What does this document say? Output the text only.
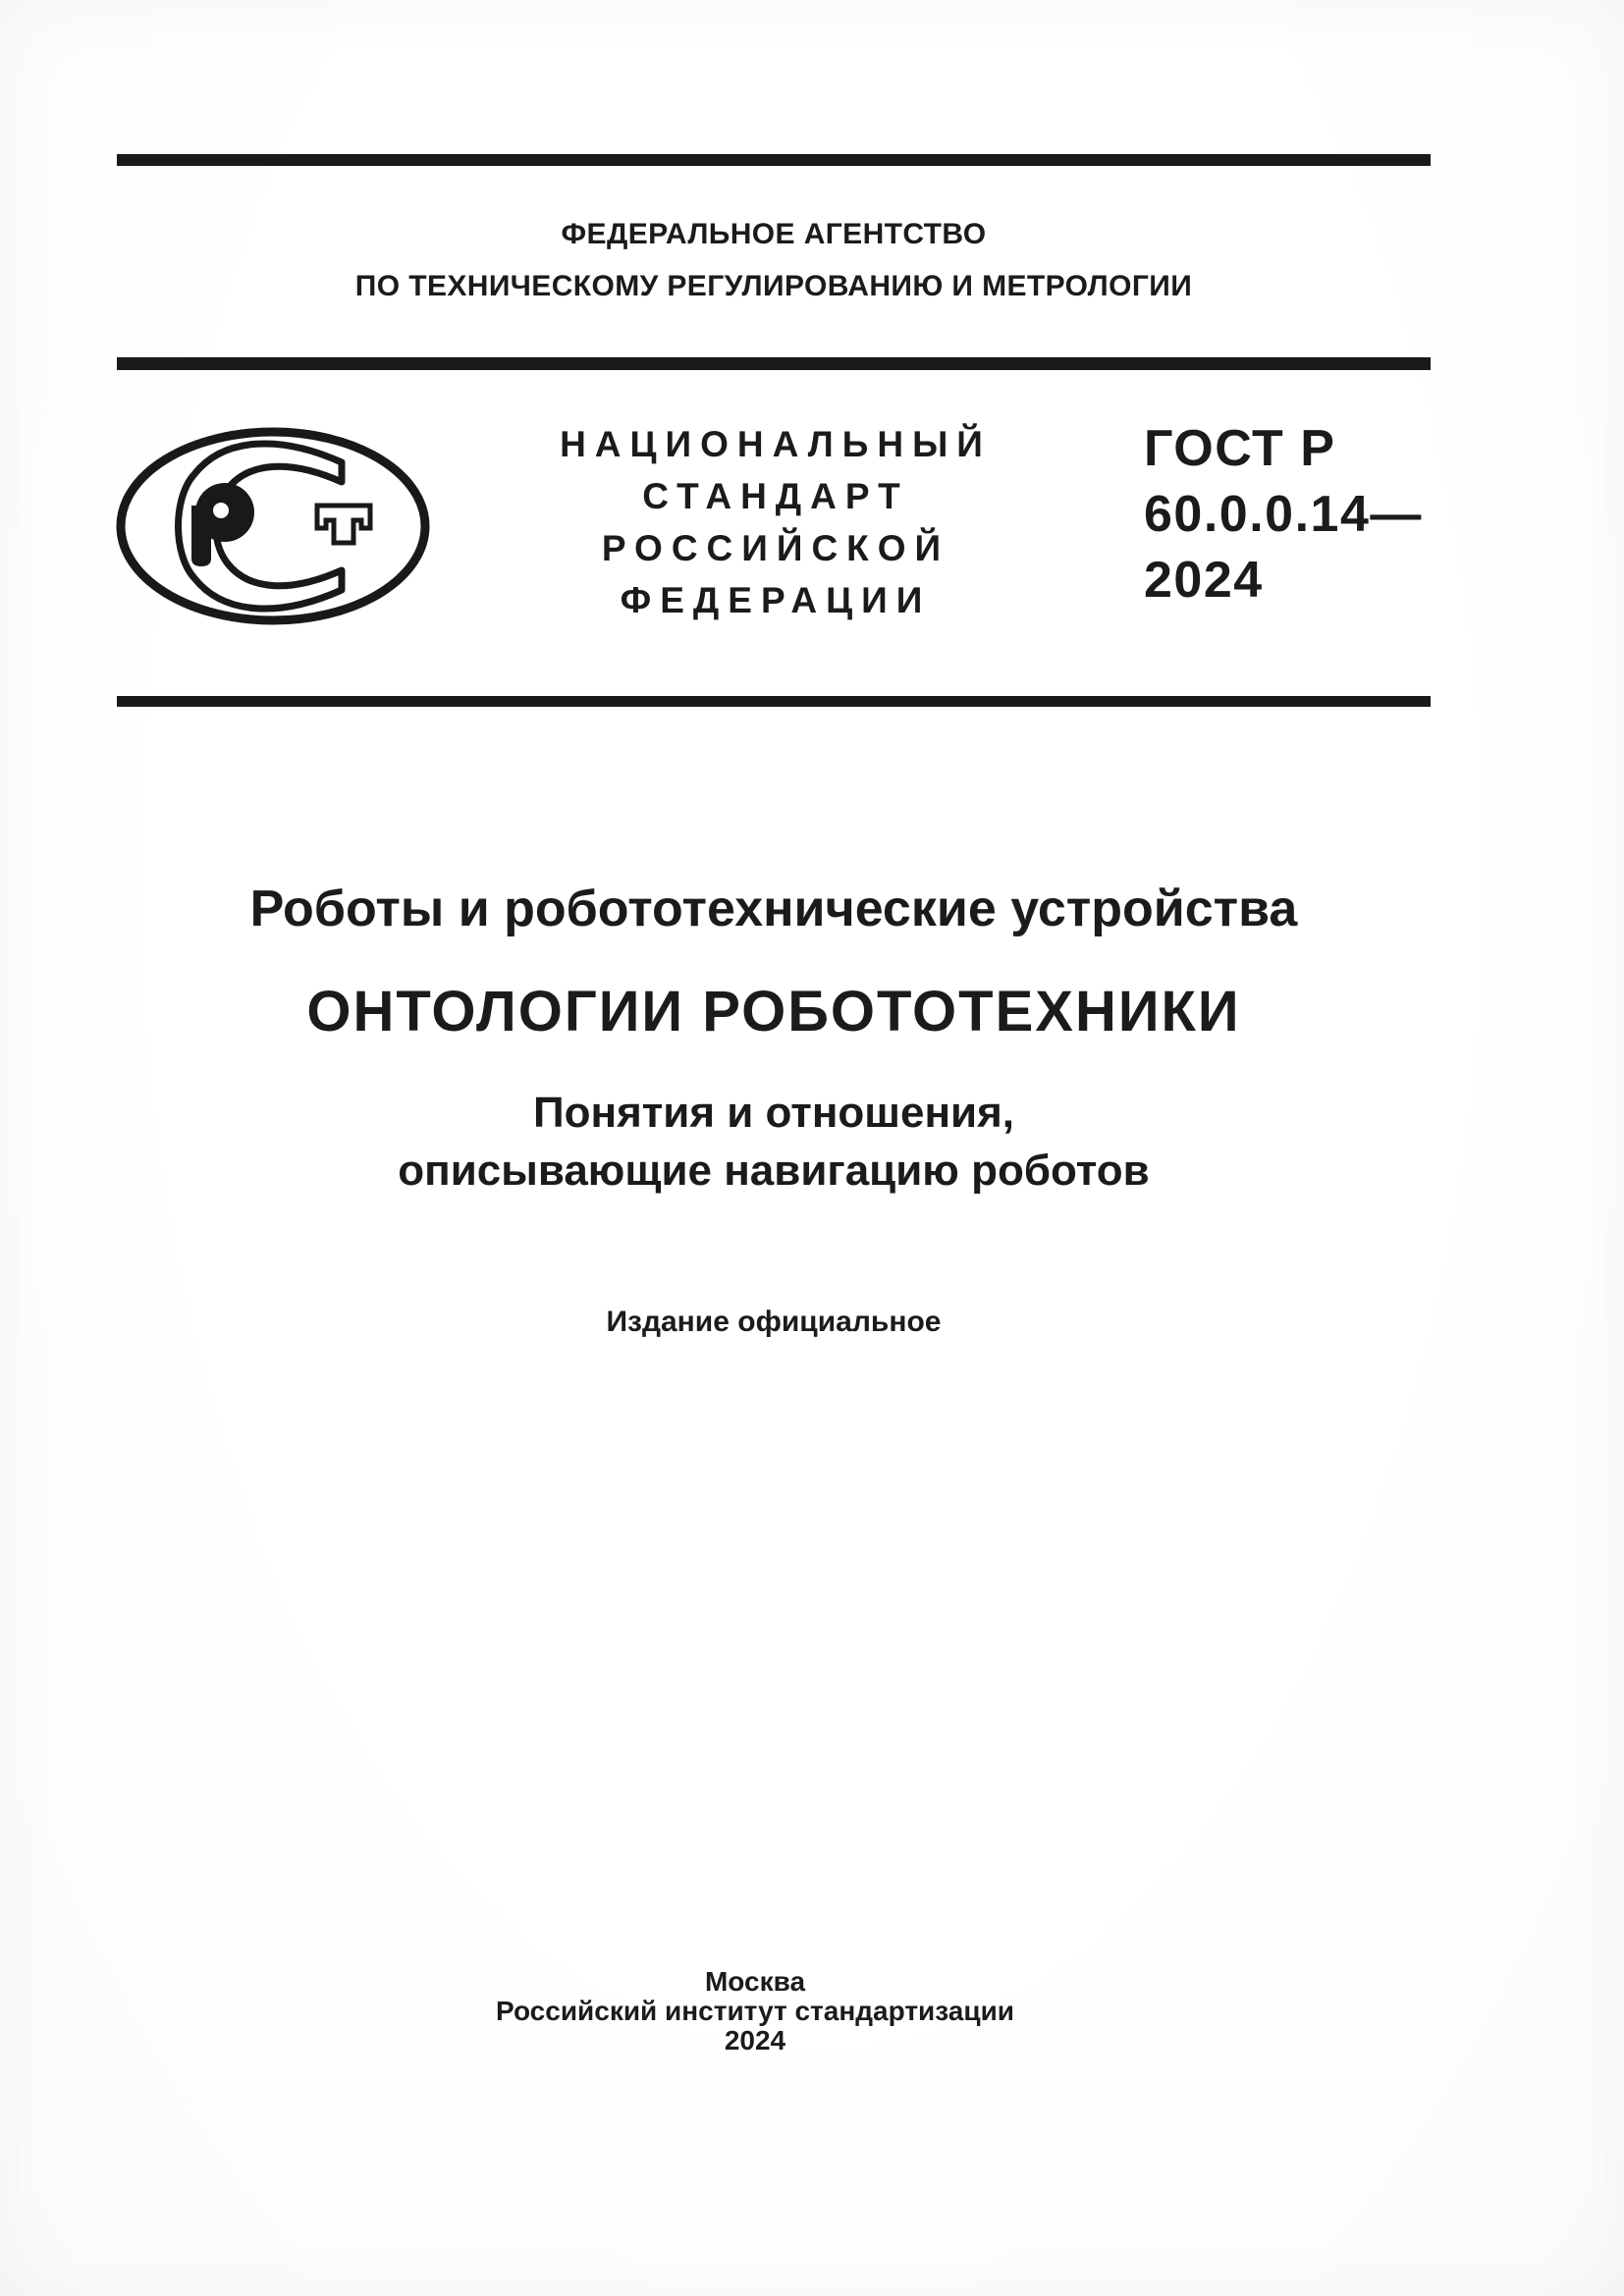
ФЕДЕРАЛЬНОЕ АГЕНТСТВО
ПО ТЕХНИЧЕСКОМУ РЕГУЛИРОВАНИЮ И МЕТРОЛОГИИ
НАЦИОНАЛЬНЫЙ
СТАНДАРТ
РОССИЙСКОЙ
ФЕДЕРАЦИИ
ГОСТ Р
60.0.0.14—
2024
Роботы и робототехнические устройства
ОНТОЛОГИИ РОБОТОТЕХНИКИ
Понятия и отношения,
описывающие навигацию роботов
Издание официальное
Москва
Российский институт стандартизации
2024
